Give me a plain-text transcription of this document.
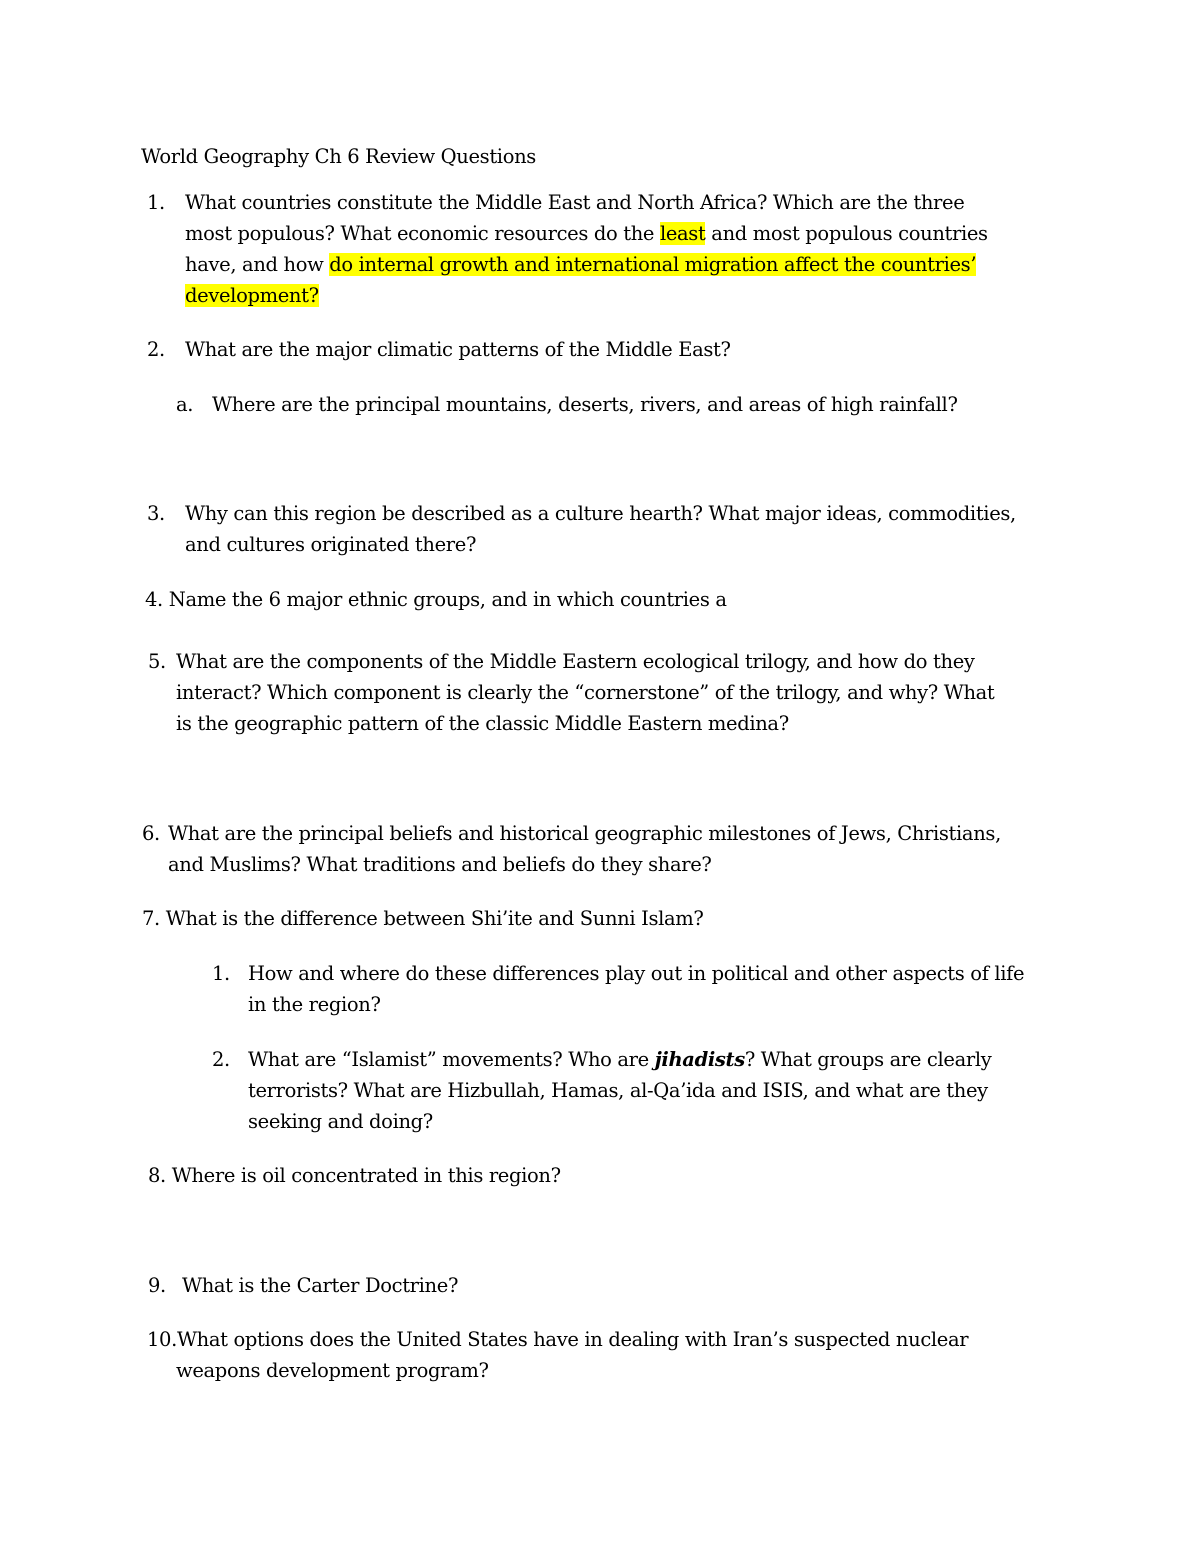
World Geography Ch 6 Review Questions
1. What countries constitute the Middle East and North Africa? Which are the three
most populous? What economic resources do the least and most populous countries
have, and how do internal growth and international migration affect the countries’
development?
2. What are the major climatic patterns of the Middle East?
a. Where are the principal mountains, deserts, rivers, and areas of high rainfall?
3. Why can this region be described as a culture hearth? What major ideas, commodities,
and cultures originated there?
4. Name the 6 major ethnic groups, and in which countries a
5. What are the components of the Middle Eastern ecological trilogy, and how do they
interact? Which component is clearly the “cornerstone” of the trilogy, and why? What
is the geographic pattern of the classic Middle Eastern medina?
6. What are the principal beliefs and historical geographic milestones of Jews, Christians,
and Muslims? What traditions and beliefs do they share?
7. What is the difference between Shi’ite and Sunni Islam?
1. How and where do these differences play out in political and other aspects of life
in the region?
2. What are “Islamist” movements? Who are jihadists? What groups are clearly
terrorists? What are Hizbullah, Hamas, al-Qa’ida and ISIS, and what are they
seeking and doing?
8. Where is oil concentrated in this region?
9. What is the Carter Doctrine?
10.What options does the United States have in dealing with Iran’s suspected nuclear
weapons development program?
